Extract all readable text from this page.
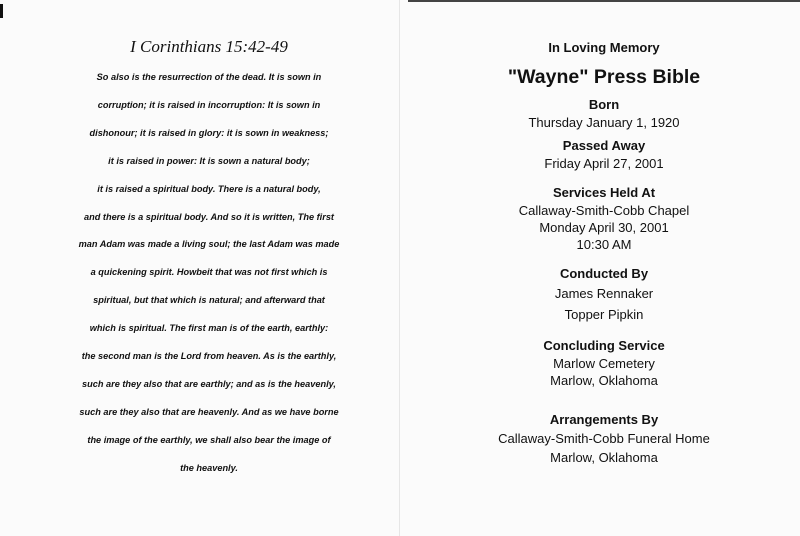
I Corinthians 15:42-49
So also is the resurrection of the dead. It is sown in
corruption; it is raised in incorruption: It is sown in
dishonour; it is raised in glory: it is sown in weakness;
it is raised in power: It is sown a natural body;
it is raised a spiritual body. There is a natural body,
and there is a spiritual body. And so it is written, The first
man Adam was made a living soul; the last Adam was made
a quickening spirit. Howbeit that was not first which is
spiritual, but that which is natural; and afterward that
which is spiritual. The first man is of the earth, earthly:
the second man is the Lord from heaven. As is the earthly,
such are they also that are earthly; and as is the heavenly,
such are they also that are heavenly. And as we have borne
the image of the earthly, we shall also bear the image of
the heavenly.
In Loving Memory
"Wayne" Press Bible
Born
Thursday January 1, 1920
Passed Away
Friday April 27, 2001
Services Held At
Callaway-Smith-Cobb Chapel
Monday April 30, 2001
10:30 AM
Conducted By
James Rennaker
Topper Pipkin
Concluding Service
Marlow Cemetery
Marlow, Oklahoma
Arrangements By
Callaway-Smith-Cobb Funeral Home
Marlow, Oklahoma
